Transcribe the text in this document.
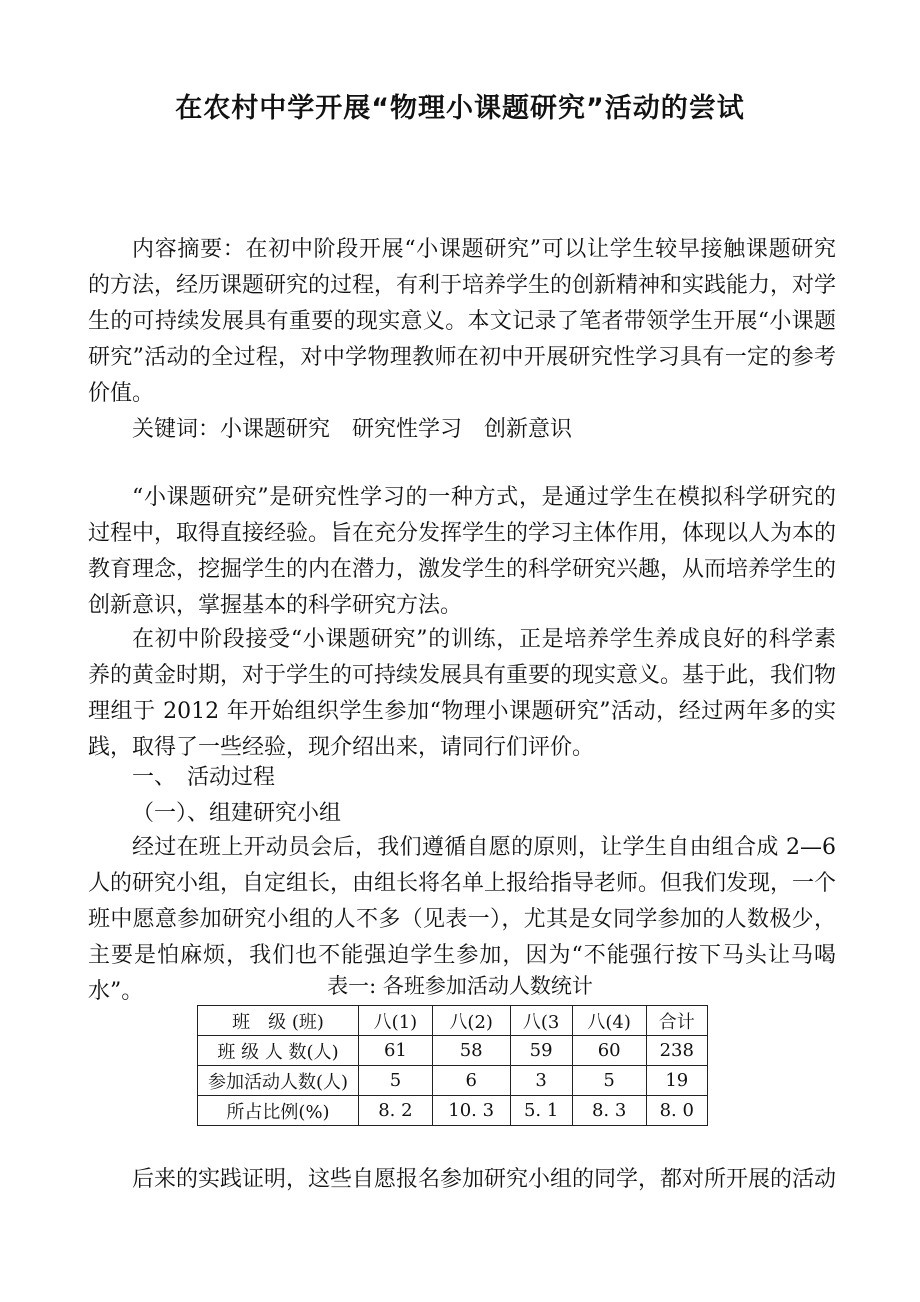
在农村中学开展“物理小课题研究”活动的尝试

内容摘要：在初中阶段开展“小课题研究”可以让学生较早接触课题研究的方法，经历课题研究的过程，有利于培养学生的创新精神和实践能力，对学生的可持续发展具有重要的现实意义。本文记录了笔者带领学生开展“小课题研究”活动的全过程，对中学物理教师在初中开展研究性学习具有一定的参考价值。

关键词：小课题研究　研究性学习　创新意识

“小课题研究”是研究性学习的一种方式，是通过学生在模拟科学研究的过程中，取得直接经验。旨在充分发挥学生的学习主体作用，体现以人为本的教育理念，挖掘学生的内在潜力，激发学生的科学研究兴趣，从而培养学生的创新意识，掌握基本的科学研究方法。

在初中阶段接受“小课题研究”的训练，正是培养学生养成良好的科学素养的黄金时期，对于学生的可持续发展具有重要的现实意义。基于此，我们物理组于 2012 年开始组织学生参加“物理小课题研究”活动，经过两年多的实践，取得了一些经验，现介绍出来，请同行们评价。

一、　活动过程

（一）、组建研究小组

经过在班上开动员会后，我们遵循自愿的原则，让学生自由组合成 2—6 人的研究小组，自定组长，由组长将名单上报给指导老师。但我们发现，一个班中愿意参加研究小组的人不多（见表一），尤其是女同学参加的人数极少，主要是怕麻烦，我们也不能强迫学生参加，因为“不能强行按下马头让马喝水”。	表一: 各班参加活动人数统计
班　级 (班)	八(1)	八(2)	八(3	八(4)	合计
班 级 人 数(人)	61	58	59	60	238
参加活动人数(人)	5	6	3	5	19
所占比例(%)	8. 2	10. 3	5. 1	8. 3	8. 0

后来的实践证明，这些自愿报名参加研究小组的同学，都对所开展的活动
